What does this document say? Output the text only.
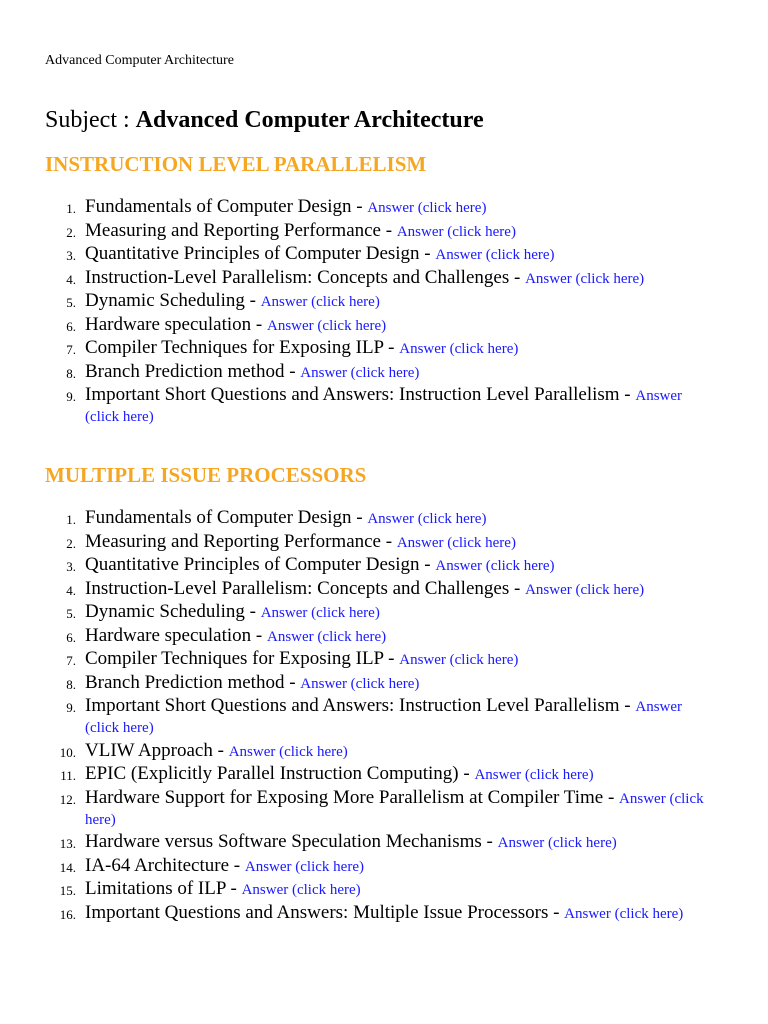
Advanced Computer Architecture
Subject : Advanced Computer Architecture
INSTRUCTION LEVEL PARALLELISM
1. Fundamentals of Computer Design - Answer (click here)
2. Measuring and Reporting Performance - Answer (click here)
3. Quantitative Principles of Computer Design - Answer (click here)
4. Instruction-Level Parallelism: Concepts and Challenges - Answer (click here)
5. Dynamic Scheduling - Answer (click here)
6. Hardware speculation - Answer (click here)
7. Compiler Techniques for Exposing ILP - Answer (click here)
8. Branch Prediction method - Answer (click here)
9. Important Short Questions and Answers: Instruction Level Parallelism - Answer (click here)
MULTIPLE ISSUE PROCESSORS
1. Fundamentals of Computer Design - Answer (click here)
2. Measuring and Reporting Performance - Answer (click here)
3. Quantitative Principles of Computer Design - Answer (click here)
4. Instruction-Level Parallelism: Concepts and Challenges - Answer (click here)
5. Dynamic Scheduling - Answer (click here)
6. Hardware speculation - Answer (click here)
7. Compiler Techniques for Exposing ILP - Answer (click here)
8. Branch Prediction method - Answer (click here)
9. Important Short Questions and Answers: Instruction Level Parallelism - Answer (click here)
10. VLIW Approach - Answer (click here)
11. EPIC (Explicitly Parallel Instruction Computing) - Answer (click here)
12. Hardware Support for Exposing More Parallelism at Compiler Time - Answer (click here)
13. Hardware versus Software Speculation Mechanisms - Answer (click here)
14. IA-64 Architecture - Answer (click here)
15. Limitations of ILP - Answer (click here)
16. Important Questions and Answers: Multiple Issue Processors - Answer (click here)
